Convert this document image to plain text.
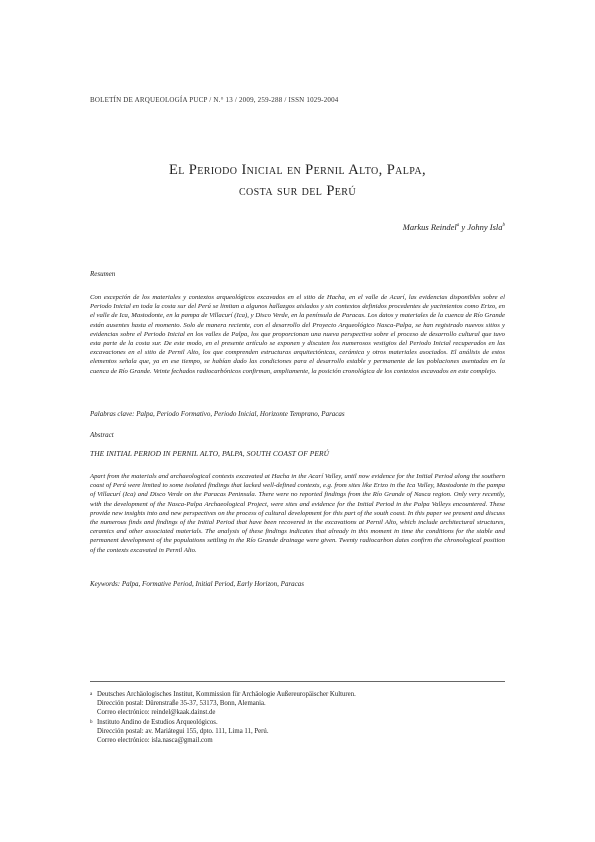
BOLETÍN DE ARQUEOLOGÍA PUCP / N.° 13 / 2009, 259-288 / ISSN 1029-2004
El Periodo Inicial en Pernil Alto, Palpa,
costa sur del Perú
Markus Reindel$^a$ y Johny Isla$^b$
Resumen
Con excepción de los materiales y contextos arqueológicos excavados en el sitio de Hacha, en el valle de Acarí, las evidencias disponibles sobre el Periodo Inicial en toda la costa sur del Perú se limitan a algunos hallazgos aislados y sin contextos definidos procedentes de yacimientos como Erizo, en el valle de Ica, Mastodonte, en la pampa de Villacurí (Ica), y Disco Verde, en la península de Paracas. Los datos y materiales de la cuenca de Río Grande están ausentes hasta el momento. Solo de manera reciente, con el desarrollo del Proyecto Arqueológico Nasca-Palpa, se han registrado nuevos sitios y evidencias sobre el Periodo Inicial en los valles de Palpa, los que proporcionan una nueva perspectiva sobre el proceso de desarrollo cultural que tuvo esta parte de la costa sur. De este modo, en el presente artículo se exponen y discuten los numerosos vestigios del Periodo Inicial recuperados en las excavaciones en el sitio de Pernil Alto, los que comprenden estructuras arquitectónicas, cerámica y otros materiales asociados. El análisis de estos elementos señala que, ya en ese tiempo, se habían dado las condiciones para el desarrollo estable y permanente de las poblaciones asentadas en la cuenca de Río Grande. Veinte fechados radiocarbónicos confirman, ampliamente, la posición cronológica de los contextos excavados en este complejo.
Palabras clave: Palpa, Periodo Formativo, Periodo Inicial, Horizonte Temprano, Paracas
Abstract
THE INITIAL PERIOD IN PERNIL ALTO, PALPA, SOUTH COAST OF PERÚ
Apart from the materials and archaeological contexts excavated at Hacha in the Acarí Valley, until now evidence for the Initial Period along the southern coast of Perú were limited to some isolated findings that lacked well-defined contexts, e.g. from sites like Erizo in the Ica Valley, Mastodonte in the pampa of Villacurí (Ica) and Disco Verde on the Paracas Peninsula. There were no reported findings from the Río Grande of Nasca region. Only very recently, with the development of the Nasca-Palpa Archaeological Project, were sites and evidence for the Initial Period in the Palpa Valleys encountered. These provide new insights into and new perspectives on the process of cultural development for this part of the south coast. In this paper we present and discuss the numerous finds and findings of the Initial Period that have been recovered in the excavations at Pernil Alto, which include architectural structures, ceramics and other associated materials. The analysis of these findings indicates that already in this moment in time the conditions for the stable and permanent development of the populations settling in the Río Grande drainage were given. Twenty radiocarbon dates confirm the chronological position of the contexts excavated in Pernil Alto.
Keywords: Palpa, Formative Period, Initial Period, Early Horizon, Paracas
a Deutsches Archäologisches Institut, Kommission für Archäologie Außereuropäischer Kulturen.
Dirección postal: Dürenstraße 35-37, 53173, Bonn, Alemania.
Correo electrónico: reindel@kaak.dainst.de
b Instituto Andino de Estudios Arqueológicos.
Dirección postal: av. Mariátegui 155, dpto. 111, Lima 11, Perú.
Correo electrónico: isla.nasca@gmail.com
